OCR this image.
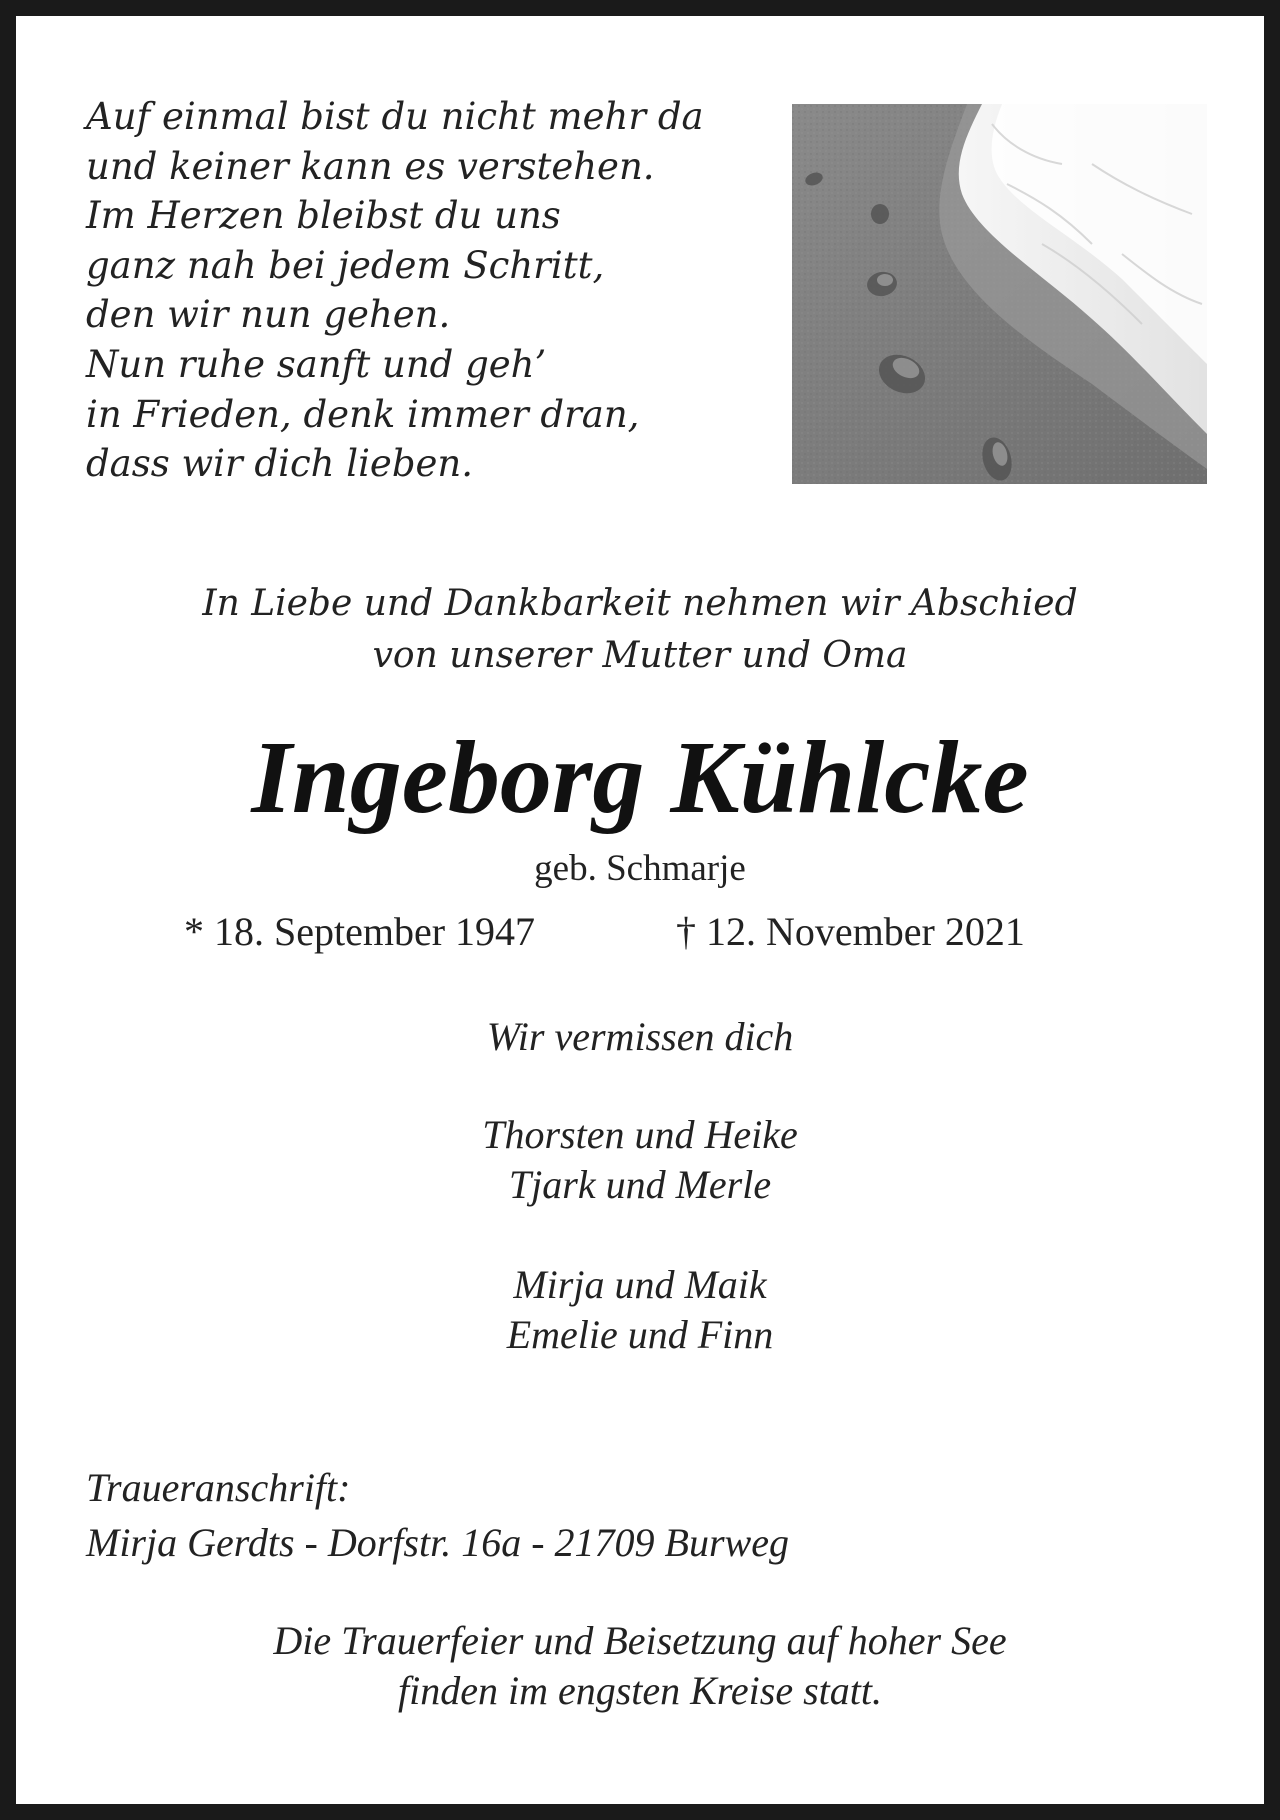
Auf einmal bist du nicht mehr da
und keiner kann es verstehen.
Im Herzen bleibst du uns
ganz nah bei jedem Schritt,
den wir nun gehen.
Nun ruhe sanft und geh’
in Frieden, denk immer dran,
dass wir dich lieben.
In Liebe und Dankbarkeit nehmen wir Abschied
von unserer Mutter und Oma
Ingeborg Kühlcke
geb. Schmarje
* 18. September 1947	† 12. November 2021
Wir vermissen dich
Thorsten und Heike
Tjark und Merle
Mirja und Maik
Emelie und Finn
Traueranschrift:
Mirja Gerdts - Dorfstr. 16a - 21709 Burweg
Die Trauerfeier und Beisetzung auf hoher See
finden im engsten Kreise statt.
